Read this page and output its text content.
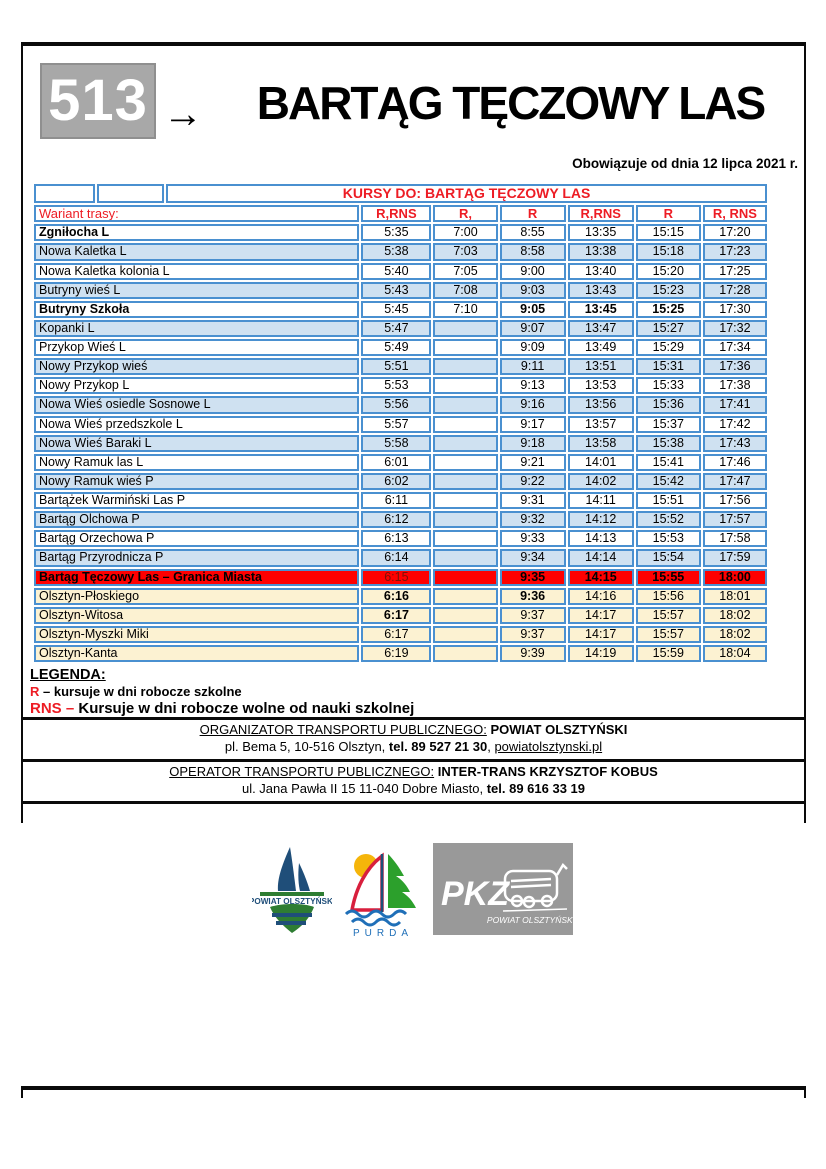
513 →	BARTĄG TĘCZOWY LAS
Obowiązuje od dnia 12 lipca 2021 r.
		KURSY DO: BARTĄG TĘCZOWY LAS						
Wariant trasy:			R,RNS	R,	R	R,RNS	R	R, RNS
Zgniłocha L			5:35	7:00	8:55	13:35	15:15	17:20
Nowa Kaletka L			5:38	7:03	8:58	13:38	15:18	17:23
Nowa Kaletka kolonia L			5:40	7:05	9:00	13:40	15:20	17:25
Butryny wieś L			5:43	7:08	9:03	13:43	15:23	17:28
Butryny Szkoła			5:45	7:10	9:05	13:45	15:25	17:30
Kopanki L			5:47		9:07	13:47	15:27	17:32
Przykop Wieś L			5:49		9:09	13:49	15:29	17:34
Nowy Przykop wieś			5:51		9:11	13:51	15:31	17:36
Nowy Przykop L			5:53		9:13	13:53	15:33	17:38
Nowa Wieś osiedle Sosnowe L			5:56		9:16	13:56	15:36	17:41
Nowa Wieś przedszkole L			5:57		9:17	13:57	15:37	17:42
Nowa Wieś Baraki L			5:58		9:18	13:58	15:38	17:43
Nowy Ramuk las L			6:01		9:21	14:01	15:41	17:46
Nowy Ramuk wieś P			6:02		9:22	14:02	15:42	17:47
Bartążek Warmiński Las P			6:11		9:31	14:11	15:51	17:56
Bartąg Olchowa P			6:12		9:32	14:12	15:52	17:57
Bartąg Orzechowa P			6:13		9:33	14:13	15:53	17:58
Bartąg Przyrodnicza P			6:14		9:34	14:14	15:54	17:59
Bartąg Tęczowy Las – Granica Miasta			6:15		9:35	14:15	15:55	18:00
Olsztyn-Płoskiego			6:16		9:36	14:16	15:56	18:01
Olsztyn-Witosa			6:17		9:37	14:17	15:57	18:02
Olsztyn-Myszki Miki			6:17		9:37	14:17	15:57	18:02
Olsztyn-Kanta			6:19		9:39	14:19	15:59	18:04
LEGENDA:
R – kursuje w dni robocze szkolne
RNS – Kursuje w dni robocze wolne od nauki szkolnej
ORGANIZATOR TRANSPORTU PUBLICZNEGO: POWIAT OLSZTYŃSKI
pl. Bema 5, 10-516 Olsztyn, tel. 89 527 21 30, powiatolsztynski.pl
OPERATOR TRANSPORTU PUBLICZNEGO: INTER-TRANS KRZYSZTOF KOBUS
ul. Jana Pawła II 15 11-040 Dobre Miasto, tel. 89 616 33 19
POWIAT OLSZTYŃSKI
PURDA
PKZ
POWIAT OLSZTYŃSKI
